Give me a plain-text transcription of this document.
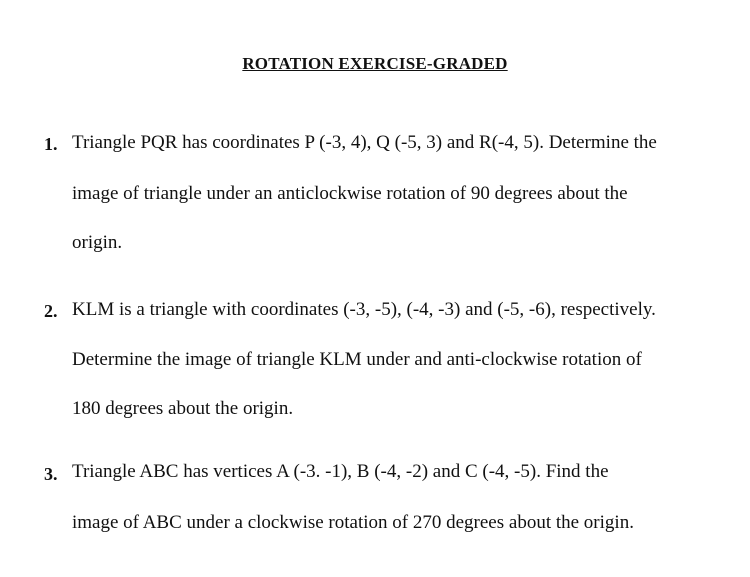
ROTATION EXERCISE-GRADED
1. Triangle PQR has coordinates P (-3, 4), Q (-5, 3) and R(-4, 5). Determine the
image of triangle under an anticlockwise rotation of 90 degrees about the
origin.
2. KLM is a triangle with coordinates (-3, -5), (-4, -3) and (-5, -6), respectively.
Determine the image of triangle KLM under and anti-clockwise rotation of
180 degrees about the origin.
3. Triangle ABC has vertices A (-3. -1), B (-4, -2) and C (-4, -5). Find the
image of ABC under a clockwise rotation of 270 degrees about the origin.
